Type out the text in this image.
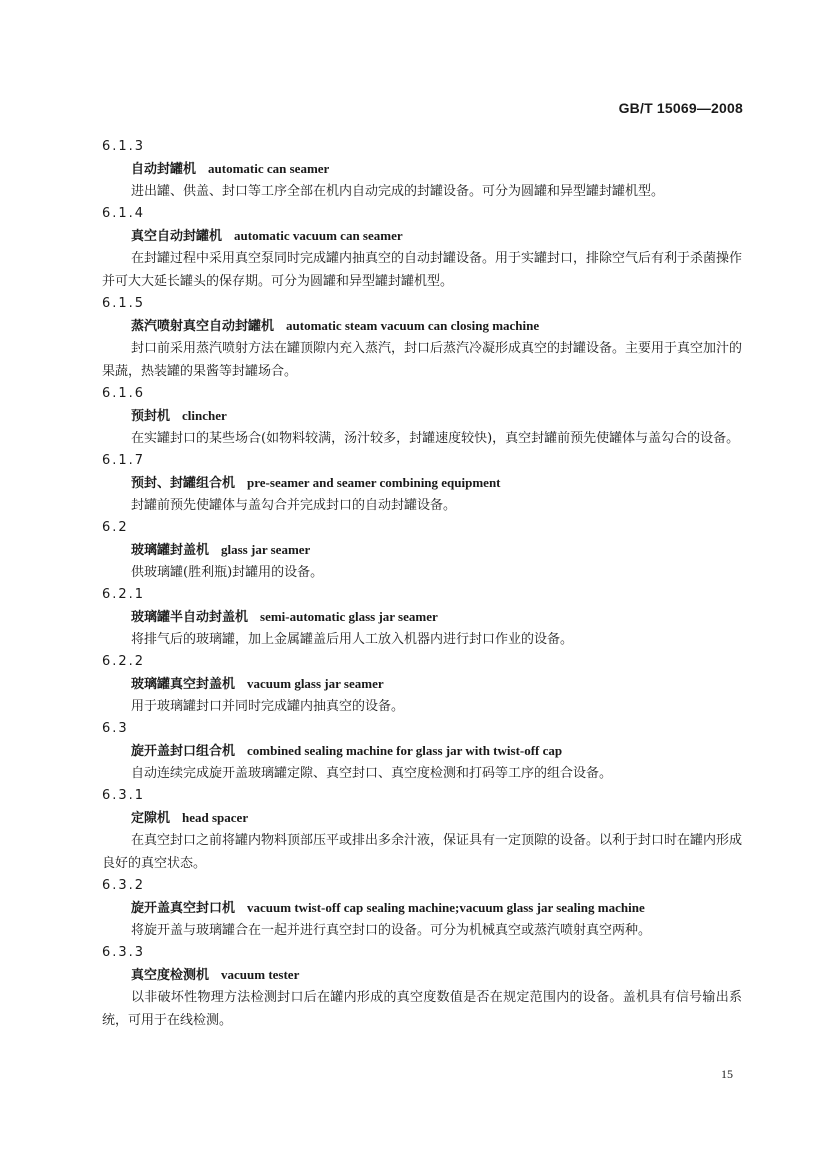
GB/T 15069—2008
6.1.3
自动封罐机 automatic can seamer

进出罐、供盖、封口等工序全部在机内自动完成的封罐设备。可分为圆罐和异型罐封罐机型。

6.1.4
真空自动封罐机 automatic vacuum can seamer

在封罐过程中采用真空泵同时完成罐内抽真空的自动封罐设备。用于实罐封口，排除空气后有利于杀菌操作并可大大延长罐头的保存期。可分为圆罐和异型罐封罐机型。

6.1.5
蒸汽喷射真空自动封罐机 automatic steam vacuum can closing machine

封口前采用蒸汽喷射方法在罐顶隙内充入蒸汽，封口后蒸汽冷凝形成真空的封罐设备。主要用于真空加汁的果蔬，热装罐的果酱等封罐场合。

6.1.6
预封机 clincher

在实罐封口的某些场合(如物料较满，汤汁较多，封罐速度较快)，真空封罐前预先使罐体与盖勾合的设备。

6.1.7
预封、封罐组合机 pre-seamer and seamer combining equipment

封罐前预先使罐体与盖勾合并完成封口的自动封罐设备。

6.2
玻璃罐封盖机 glass jar seamer

供玻璃罐(胜利瓶)封罐用的设备。

6.2.1
玻璃罐半自动封盖机 semi-automatic glass jar seamer

将排气后的玻璃罐，加上金属罐盖后用人工放入机器内进行封口作业的设备。

6.2.2
玻璃罐真空封盖机 vacuum glass jar seamer

用于玻璃罐封口并同时完成罐内抽真空的设备。

6.3
旋开盖封口组合机 combined sealing machine for glass jar with twist-off cap

自动连续完成旋开盖玻璃罐定隙、真空封口、真空度检测和打码等工序的组合设备。

6.3.1
定隙机 head spacer

在真空封口之前将罐内物料顶部压平或排出多余汁液，保证具有一定顶隙的设备。以利于封口时在罐内形成良好的真空状态。

6.3.2
旋开盖真空封口机 vacuum twist-off cap sealing machine;vacuum glass jar sealing machine

将旋开盖与玻璃罐合在一起并进行真空封口的设备。可分为机械真空或蒸汽喷射真空两种。

6.3.3
真空度检测机 vacuum tester

以非破坏性物理方法检测封口后在罐内形成的真空度数值是否在规定范围内的设备。盖机具有信号输出系统，可用于在线检测。

15
